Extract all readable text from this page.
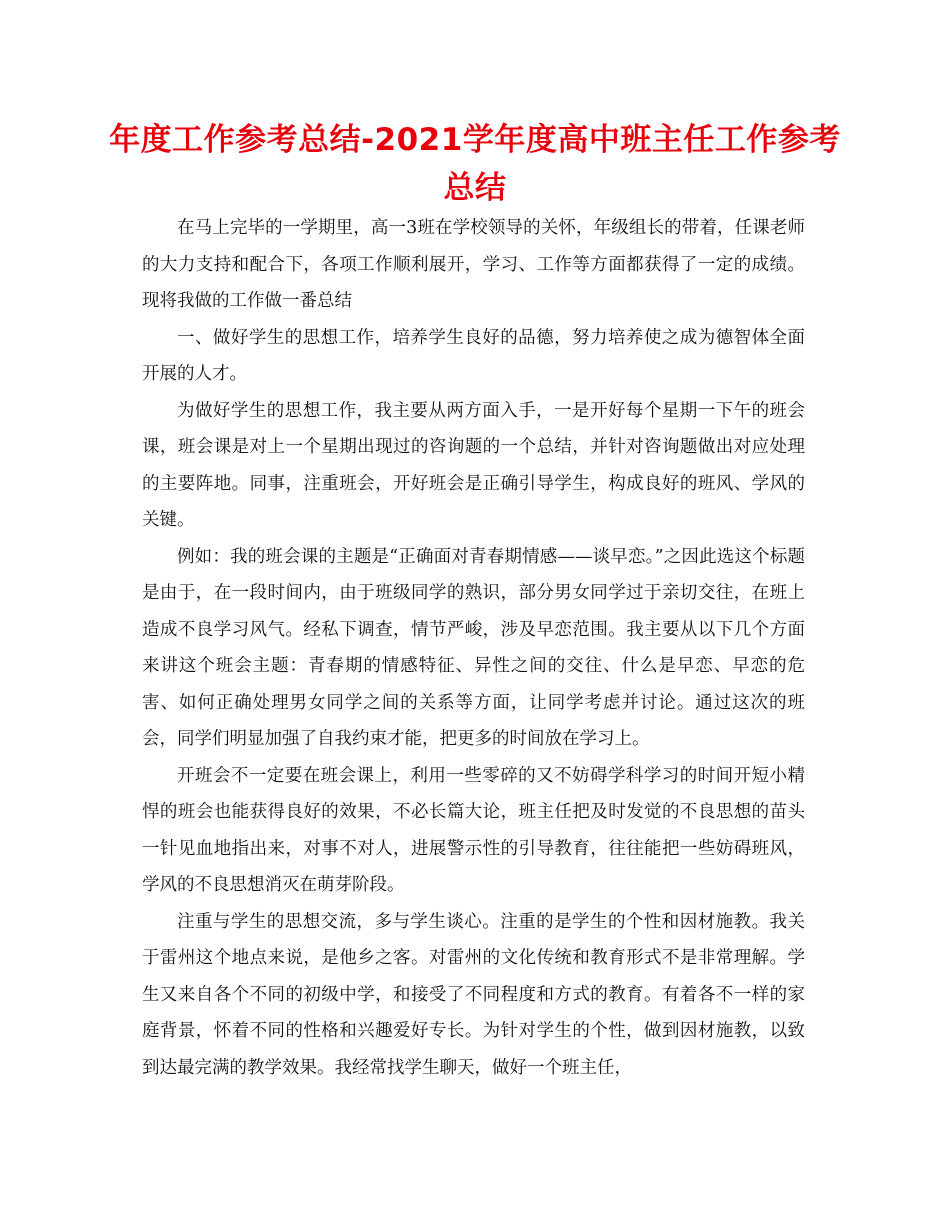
年度工作参考总结-2021学年度高中班主任工作参考总结

在马上完毕的一学期里，高一3班在学校领导的关怀，年级组长的带着，任课老师的大力支持和配合下，各项工作顺利展开，学习、工作等方面都获得了一定的成绩。现将我做的工作做一番总结

一、做好学生的思想工作，培养学生良好的品德，努力培养使之成为德智体全面开展的人才。

为做好学生的思想工作，我主要从两方面入手，一是开好每个星期一下午的班会课，班会课是对上一个星期出现过的咨询题的一个总结，并针对咨询题做出对应处理的主要阵地。同事，注重班会，开好班会是正确引导学生，构成良好的班风、学风的关键。

例如：我的班会课的主题是“正确面对青春期情感——谈早恋。”之因此选这个标题是由于，在一段时间内，由于班级同学的熟识，部分男女同学过于亲切交往，在班上造成不良学习风气。经私下调查，情节严峻，涉及早恋范围。我主要从以下几个方面来讲这个班会主题：青春期的情感特征、异性之间的交往、什么是早恋、早恋的危害、如何正确处理男女同学之间的关系等方面，让同学考虑并讨论。通过这次的班会，同学们明显加强了自我约束才能，把更多的时间放在学习上。

开班会不一定要在班会课上，利用一些零碎的又不妨碍学科学习的时间开短小精悍的班会也能获得良好的效果，不必长篇大论，班主任把及时发觉的不良思想的苗头一针见血地指出来，对事不对人，进展警示性的引导教育，往往能把一些妨碍班风，学风的不良思想消灭在萌芽阶段。

注重与学生的思想交流，多与学生谈心。注重的是学生的个性和因材施教。我关于雷州这个地点来说，是他乡之客。对雷州的文化传统和教育形式不是非常理解。学生又来自各个不同的初级中学，和接受了不同程度和方式的教育。有着各不一样的家庭背景，怀着不同的性格和兴趣爱好专长。为针对学生的个性，做到因材施教，以致到达最完满的教学效果。我经常找学生聊天，做好一个班主任，
